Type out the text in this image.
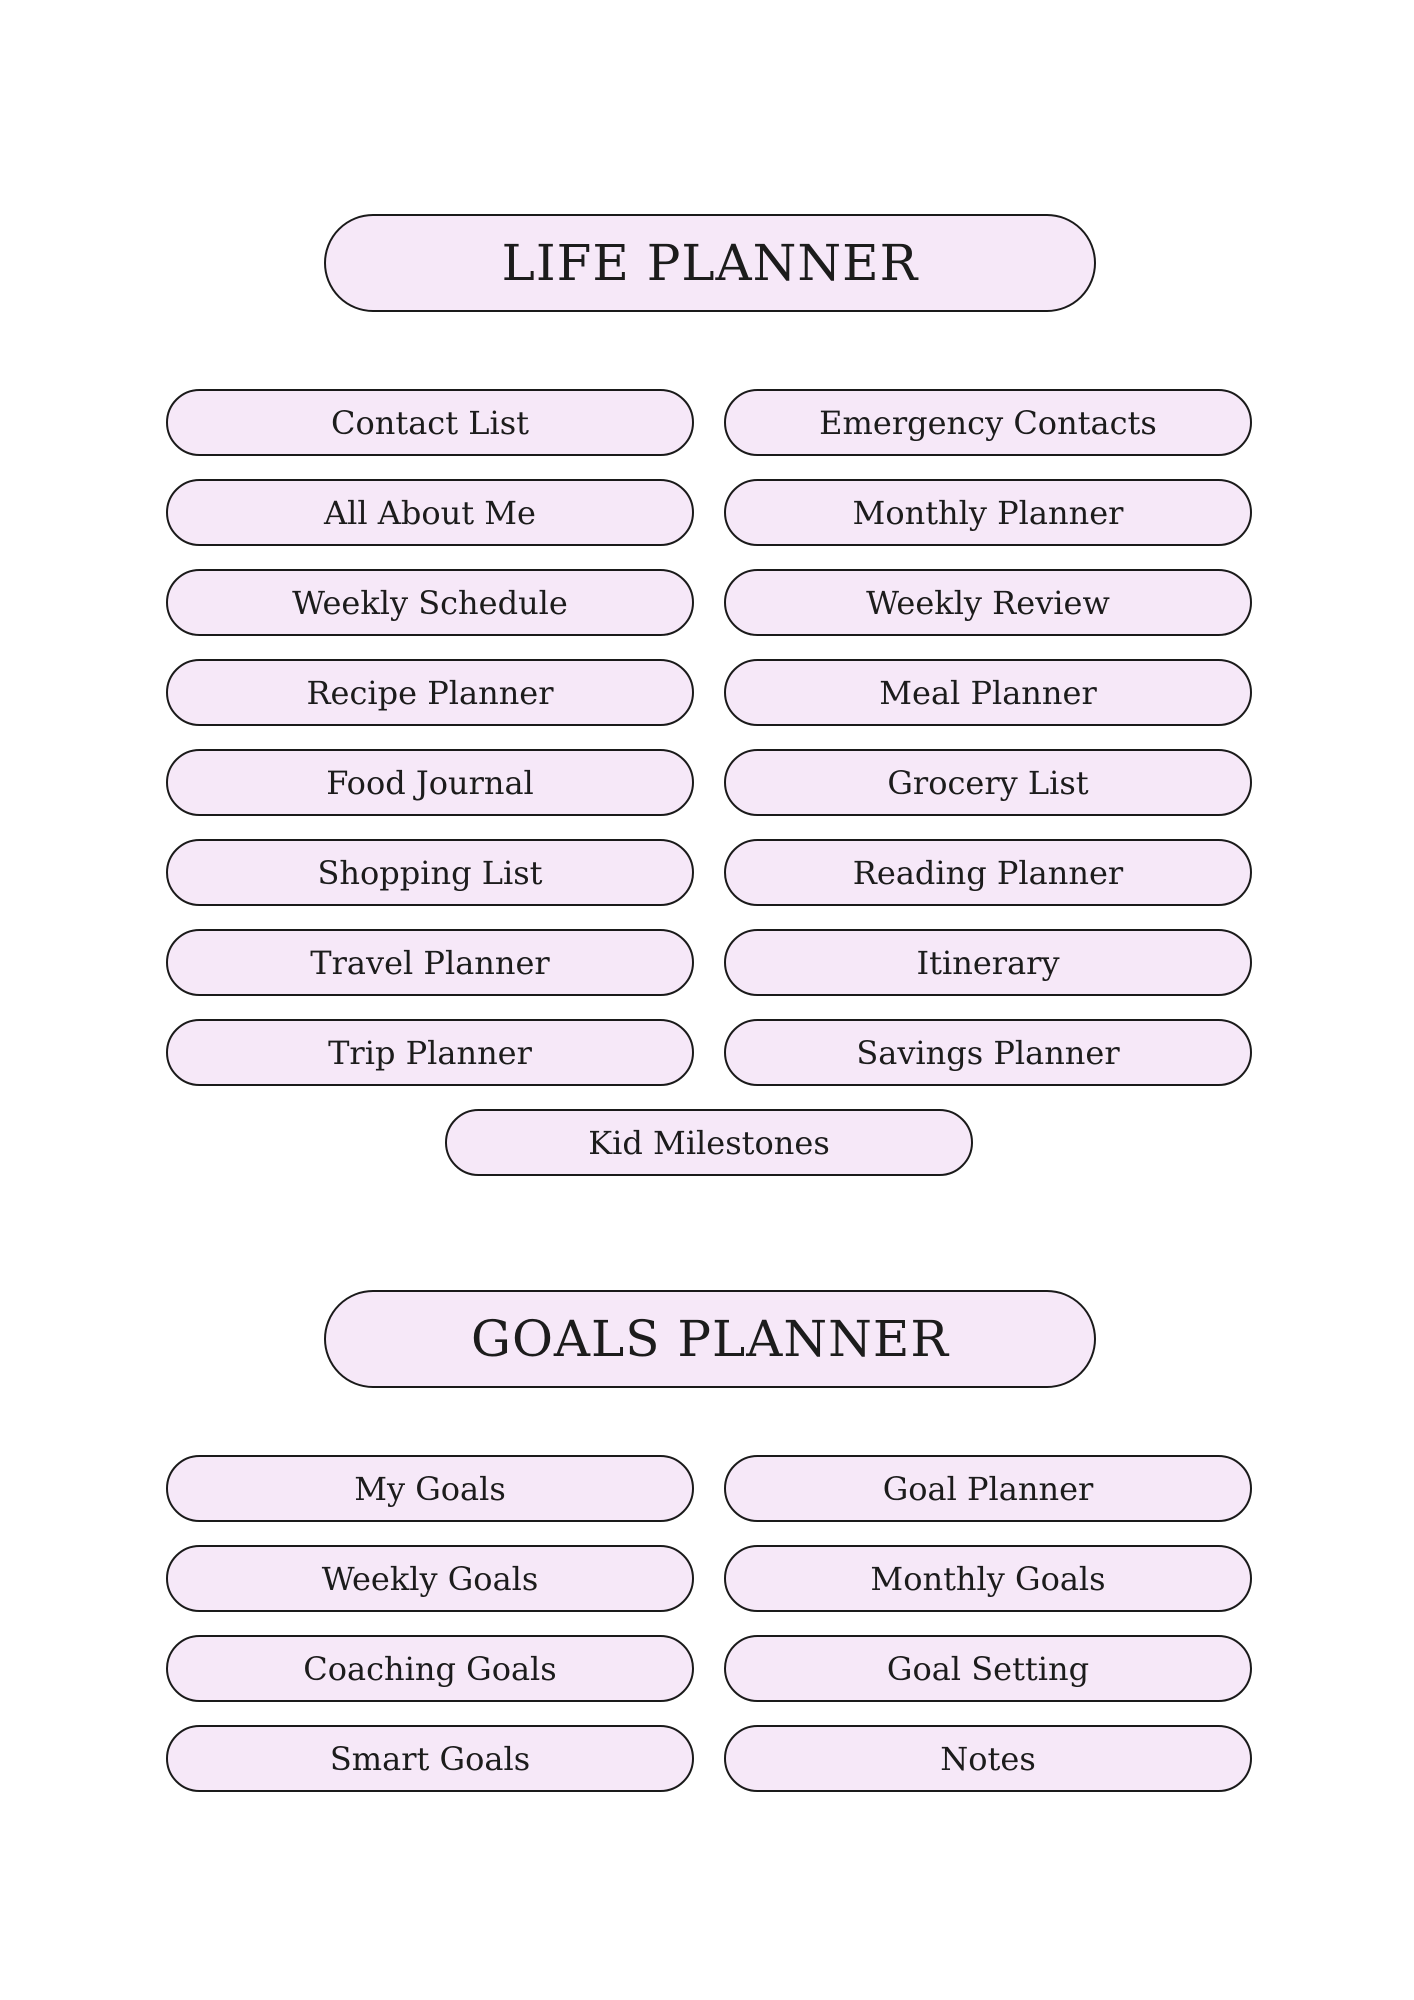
LIFE PLANNER
Contact List	Emergency Contacts
All About Me	Monthly Planner
Weekly Schedule	Weekly Review
Recipe Planner	Meal Planner
Food Journal	Grocery List
Shopping List	Reading Planner
Travel Planner	Itinerary
Trip Planner	Savings Planner
Kid Milestones
GOALS PLANNER
My Goals	Goal Planner
Weekly Goals	Monthly Goals
Coaching Goals	Goal Setting
Smart Goals	Notes
